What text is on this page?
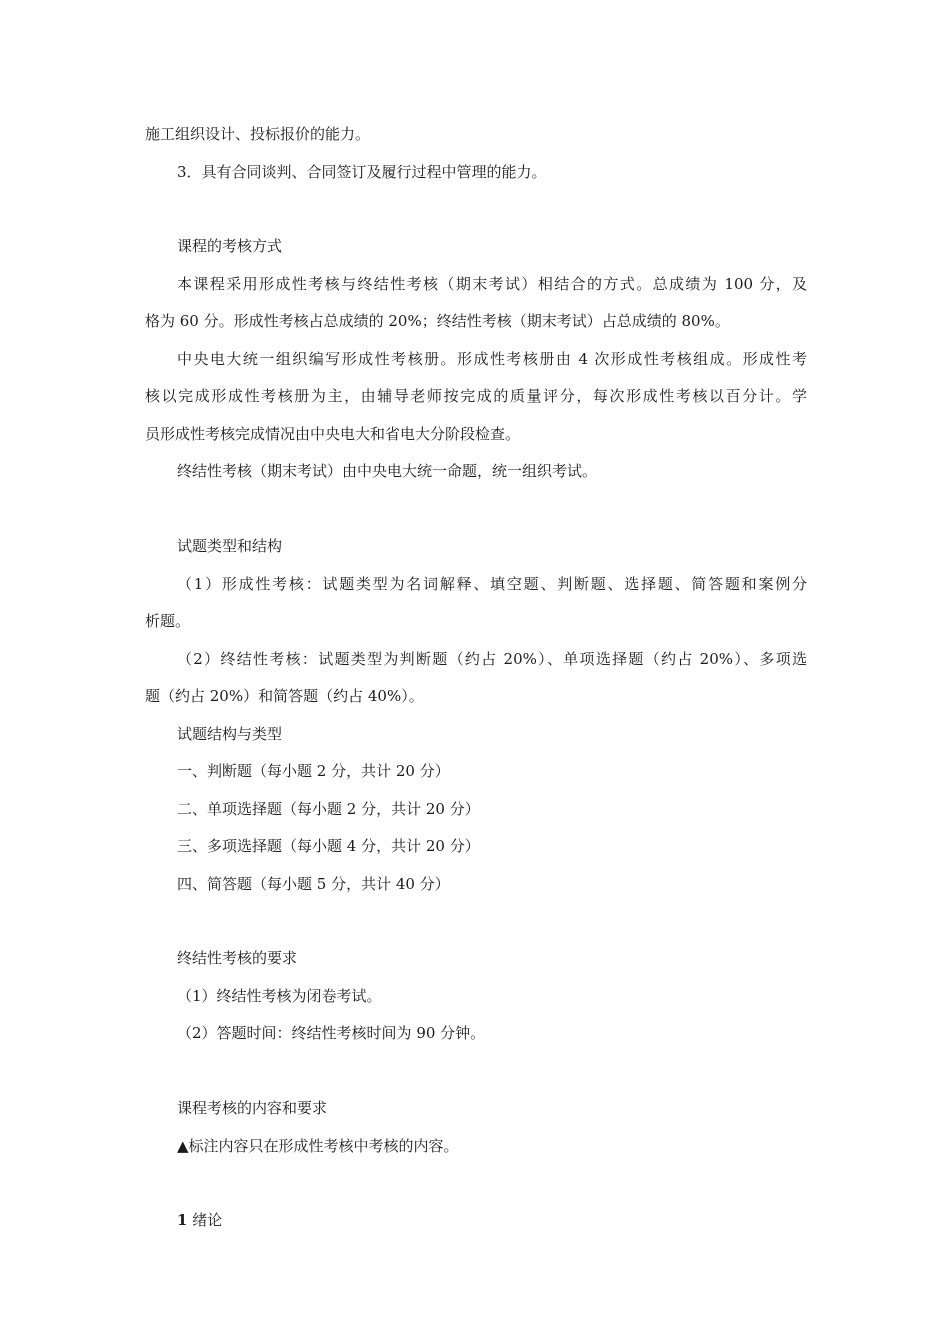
施工组织设计、投标报价的能力。
3．具有合同谈判、合同签订及履行过程中管理的能力。
课程的考核方式
本课程采用形成性考核与终结性考核（期末考试）相结合的方式。总成绩为 100 分，及
格为 60 分。形成性考核占总成绩的 20%；终结性考核（期末考试）占总成绩的 80%。
中央电大统一组织编写形成性考核册。形成性考核册由 4 次形成性考核组成。形成性考
核以完成形成性考核册为主，由辅导老师按完成的质量评分，每次形成性考核以百分计。学
员形成性考核完成情况由中央电大和省电大分阶段检查。
终结性考核（期末考试）由中央电大统一命题，统一组织考试。
试题类型和结构
（1）形成性考核：试题类型为名词解释、填空题、判断题、选择题、简答题和案例分
析题。
（2）终结性考核：试题类型为判断题（约占 20%）、单项选择题（约占 20%）、多项选
题（约占 20%）和简答题（约占 40%）。
试题结构与类型
一、判断题（每小题 2 分，共计 20 分）
二、单项选择题（每小题 2 分，共计 20 分）
三、多项选择题（每小题 4 分，共计 20 分）
四、简答题（每小题 5 分，共计 40 分）
终结性考核的要求
（1）终结性考核为闭卷考试。
（2）答题时间：终结性考核时间为 90 分钟。
课程考核的内容和要求
▲标注内容只在形成性考核中考核的内容。
1 绪论
